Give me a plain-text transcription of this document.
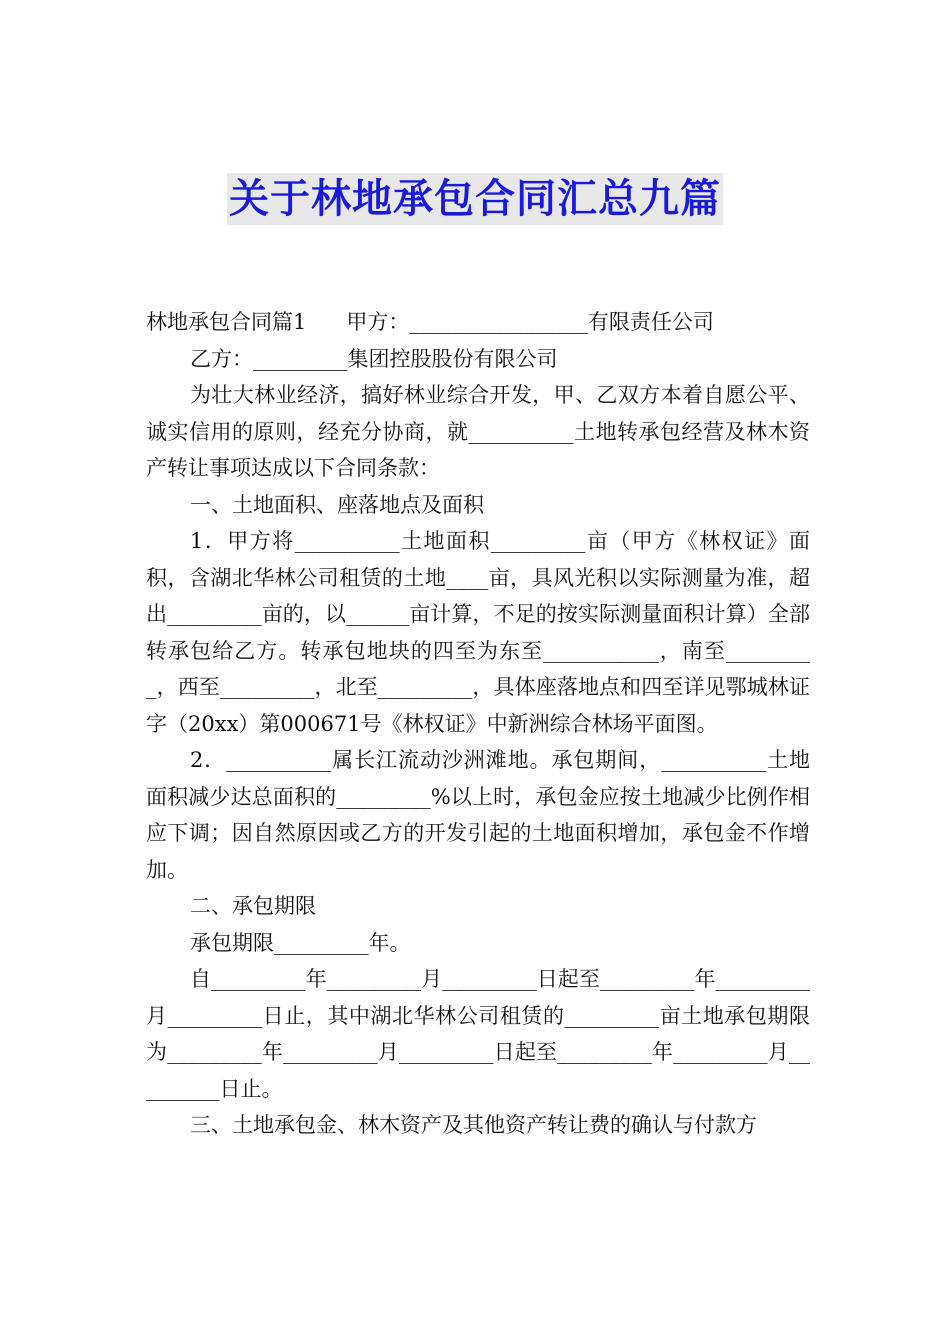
关于林地承包合同汇总九篇

林地承包合同篇1 甲方：_________________有限责任公司

乙方：_________集团控股股份有限公司

为壮大林业经济，搞好林业综合开发，甲、乙双方本着自愿公平、诚实信用的原则，经充分协商，就__________土地转承包经营及林木资产转让事项达成以下合同条款：

一、土地面积、座落地点及面积

1．甲方将__________土地面积_________亩（甲方《林权证》面积，含湖北华林公司租赁的土地____亩，具风光积以实际测量为准，超出_________亩的，以______亩计算，不足的按实际测量面积计算）全部转承包给乙方。转承包地块的四至为东至___________，南至_________，西至_________，北至_________，具体座落地点和四至详见鄂城林证字（20xx）第000671号《林权证》中新洲综合林场平面图。

2．__________属长江流动沙洲滩地。承包期间，__________土地面积减少达总面积的_________%以上时，承包金应按土地减少比例作相应下调；因自然原因或乙方的开发引起的土地面积增加，承包金不作增加。

二、承包期限

承包期限_________年。

自_________年_________月_________日起至_________年_________月_________日止，其中湖北华林公司租赁的_________亩土地承包期限为_________年_________月_________日起至_________年_________月_________日止。

三、土地承包金、林木资产及其他资产转让费的确认与付款方
